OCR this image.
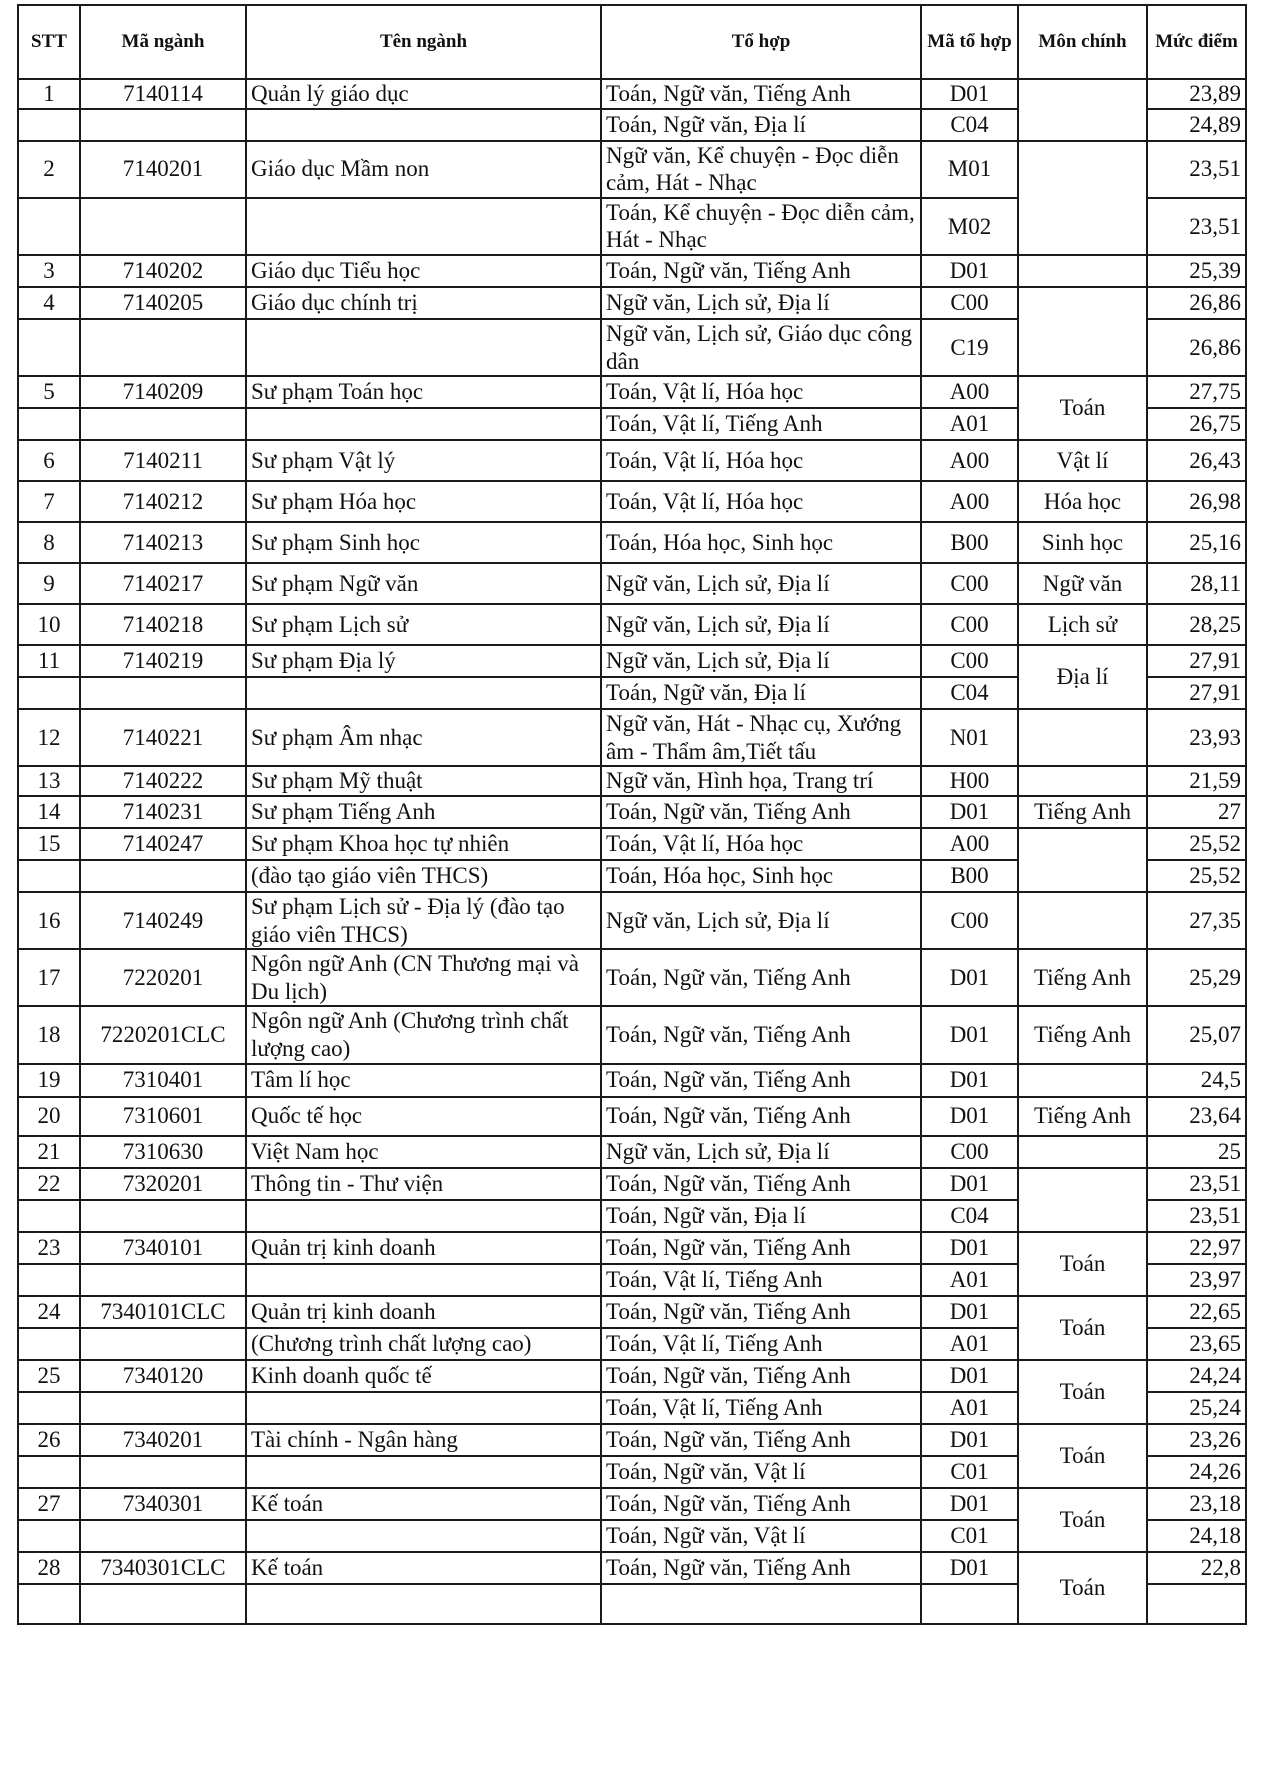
STT	Mã ngành	Tên ngành	Tổ hợp	Mã tổ hợp	Môn chính	Mức điểm
1	7140114	Quản lý giáo dục	Toán, Ngữ văn, Tiếng Anh	D01		23,89
			Toán, Ngữ văn, Địa lí	C04		24,89
2	7140201	Giáo dục Mầm non	Ngữ văn, Kể chuyện - Đọc diễn cảm, Hát - Nhạc	M01		23,51
			Toán, Kể chuyện - Đọc diễn cảm, Hát - Nhạc	M02		23,51
3	7140202	Giáo dục Tiểu học	Toán, Ngữ văn, Tiếng Anh	D01		25,39
4	7140205	Giáo dục chính trị	Ngữ văn, Lịch sử, Địa lí	C00		26,86
			Ngữ văn, Lịch sử, Giáo dục công dân	C19		26,86
5	7140209	Sư phạm Toán học	Toán, Vật lí, Hóa học	A00	Toán	27,75
			Toán, Vật lí, Tiếng Anh	A01		26,75
6	7140211	Sư phạm Vật lý	Toán, Vật lí, Hóa học	A00	Vật lí	26,43
7	7140212	Sư phạm Hóa học	Toán, Vật lí, Hóa học	A00	Hóa học	26,98
8	7140213	Sư phạm Sinh học	Toán, Hóa học, Sinh học	B00	Sinh học	25,16
9	7140217	Sư phạm Ngữ văn	Ngữ văn, Lịch sử, Địa lí	C00	Ngữ văn	28,11
10	7140218	Sư phạm Lịch sử	Ngữ văn, Lịch sử, Địa lí	C00	Lịch sử	28,25
11	7140219	Sư phạm Địa lý	Ngữ văn, Lịch sử, Địa lí	C00	Địa lí	27,91
			Toán, Ngữ văn, Địa lí	C04		27,91
12	7140221	Sư phạm Âm nhạc	Ngữ văn, Hát - Nhạc cụ, Xướng âm - Thẩm âm,Tiết tấu	N01		23,93
13	7140222	Sư phạm Mỹ thuật	Ngữ văn, Hình họa, Trang trí	H00		21,59
14	7140231	Sư phạm Tiếng Anh	Toán, Ngữ văn, Tiếng Anh	D01	Tiếng Anh	27
15	7140247	Sư phạm Khoa học tự nhiên	Toán, Vật lí, Hóa học	A00		25,52
		(đào tạo giáo viên THCS)	Toán, Hóa học, Sinh học	B00		25,52
16	7140249	Sư phạm Lịch sử - Địa lý (đào tạo giáo viên THCS)	Ngữ văn, Lịch sử, Địa lí	C00		27,35
17	7220201	Ngôn ngữ Anh (CN Thương mại và Du lịch)	Toán, Ngữ văn, Tiếng Anh	D01	Tiếng Anh	25,29
18	7220201CLC	Ngôn ngữ Anh (Chương trình chất lượng cao)	Toán, Ngữ văn, Tiếng Anh	D01	Tiếng Anh	25,07
19	7310401	Tâm lí học	Toán, Ngữ văn, Tiếng Anh	D01		24,5
20	7310601	Quốc tế học	Toán, Ngữ văn, Tiếng Anh	D01	Tiếng Anh	23,64
21	7310630	Việt Nam học	Ngữ văn, Lịch sử, Địa lí	C00		25
22	7320201	Thông tin - Thư viện	Toán, Ngữ văn, Tiếng Anh	D01		23,51
			Toán, Ngữ văn, Địa lí	C04		23,51
23	7340101	Quản trị kinh doanh	Toán, Ngữ văn, Tiếng Anh	D01	Toán	22,97
			Toán, Vật lí, Tiếng Anh	A01		23,97
24	7340101CLC	Quản trị kinh doanh	Toán, Ngữ văn, Tiếng Anh	D01	Toán	22,65
		(Chương trình chất lượng cao)	Toán, Vật lí, Tiếng Anh	A01		23,65
25	7340120	Kinh doanh quốc tế	Toán, Ngữ văn, Tiếng Anh	D01	Toán	24,24
			Toán, Vật lí, Tiếng Anh	A01		25,24
26	7340201	Tài chính - Ngân hàng	Toán, Ngữ văn, Tiếng Anh	D01	Toán	23,26
			Toán, Ngữ văn, Vật lí	C01		24,26
27	7340301	Kế toán	Toán, Ngữ văn, Tiếng Anh	D01	Toán	23,18
			Toán, Ngữ văn, Vật lí	C01		24,18
28	7340301CLC	Kế toán	Toán, Ngữ văn, Tiếng Anh	D01	Toán	22,8
